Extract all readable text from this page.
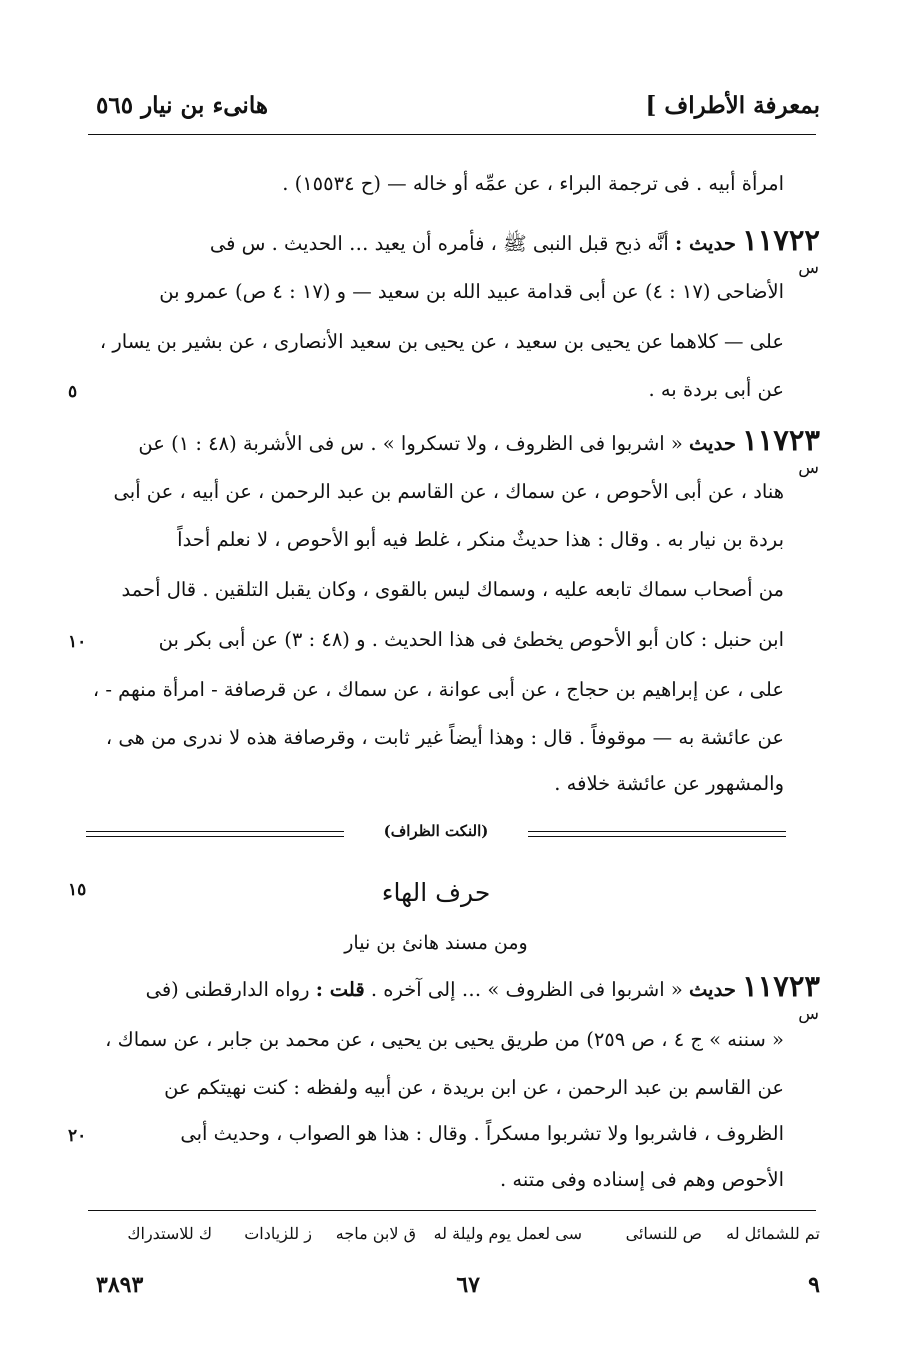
بمعرفة الأطراف ]
هانىء بن نيار ٥٦٥
امرأة أبيه . فى ترجمة البراء ، عن عمِّه أو خاله — (ح ١٥٥٣٤) .
١١٧٢٢ حديث : أنَّه ذبح قبل النبى ﷺ ، فأمره أن يعيد … الحديث . س فى
الأضاحى (١٧ : ٤) عن أبى قدامة عبيد الله بن سعيد — و (١٧ : ٤ ص) عمرو بن
على — كلاهما عن يحيى بن سعيد ، عن يحيى بن سعيد الأنصارى ، عن بشير بن يسار ،
عن أبى بردة به .
١١٧٢٣ حديث « اشربوا فى الظروف ، ولا تسكروا » . س فى الأشربة (٤٨ : ١) عن
هناد ، عن أبى الأحوص ، عن سماك ، عن القاسم بن عبد الرحمن ، عن أبيه ، عن أبى
بردة بن نيار به . وقال : هذا حديثٌ منكر ، غلط فيه أبو الأحوص ، لا نعلم أحداً
من أصحاب سماك تابعه عليه ، وسماك ليس بالقوى ، وكان يقبل التلقين . قال أحمد
ابن حنبل : كان أبو الأحوص يخطئ فى هذا الحديث . و (٤٨ : ٣) عن أبى بكر بن
على ، عن إبراهيم بن حجاج ، عن أبى عوانة ، عن سماك ، عن قرصافة - امرأة منهم - ،
عن عائشة به — موقوفاً . قال : وهذا أيضاً غير ثابت ، وقرصافة هذه لا ندرى من هى ،
والمشهور عن عائشة خلافه .
(النكت الظراف)
حرف الهاء
ومن مسند هانئ بن نيار
١١٧٢٣ حديث « اشربوا فى الظروف » … إلى آخره . قلت : رواه الدارقطنى (فى
« سننه » ج ٤ ، ص ٢٥٩) من طريق يحيى بن يحيى ، عن محمد بن جابر ، عن سماك ،
عن القاسم بن عبد الرحمن ، عن ابن بريدة ، عن أبيه ولفظه : كنت نهيتكم عن
الظروف ، فاشربوا ولا تشربوا مسكراً . وقال : هذا هو الصواب ، وحديث أبى
الأحوص وهم فى إسناده وفى متنه .
س
س
س
٥
١٠
١٥
٢٠
تم للشمائل له
ص للنسائى
سى لعمل يوم وليلة له
ق لابن ماجه
ز للزيادات
ك للاستدراك
٩
٦٧
٣٨٩٣
